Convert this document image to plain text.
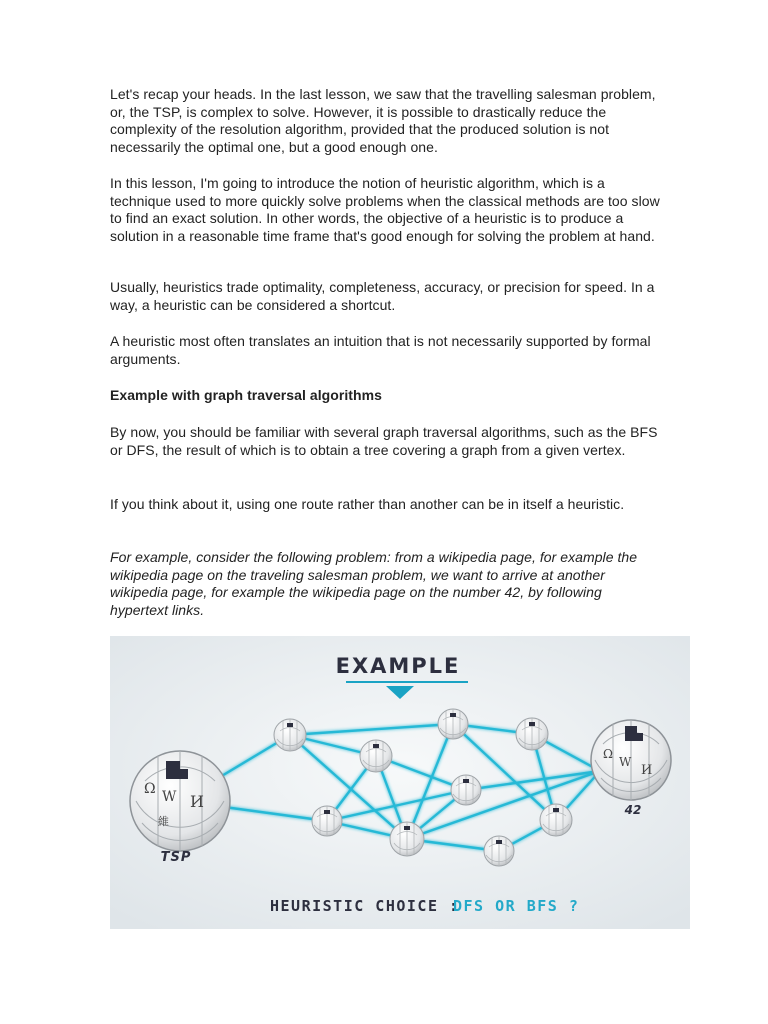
Let's recap your heads. In the last lesson, we saw that the travelling salesman problem, or, the TSP, is complex to solve. However, it is possible to drastically reduce the complexity of the resolution algorithm, provided that the produced solution is not necessarily the optimal one, but a good enough one.

In this lesson, I'm going to introduce the notion of heuristic algorithm, which is a technique used to more quickly solve problems when the classical methods are too slow to find an exact solution. In other words, the objective of a heuristic is to produce a solution in a reasonable time frame that's good enough for solving the problem at hand.

Usually, heuristics trade optimality, completeness, accuracy, or precision for speed. In a way, a heuristic can be considered a shortcut.

A heuristic most often translates an intuition that is not necessarily supported by formal arguments.

Example with graph traversal algorithms

By now, you should be familiar with several graph traversal algorithms, such as the BFS or DFS, the result of which is to obtain a tree covering a graph from a given vertex.

If you think about it, using one route rather than another can be in itself a heuristic.

For example, consider the following problem: from a wikipedia page, for example the wikipedia page on the traveling salesman problem, we want to arrive at another wikipedia page, for example the wikipedia page on the number 42, by following hypertext links.

EXAMPLE
Ω W И
維
TSP
Ω
W
И
42
HEURISTIC CHOICE :
DFS OR BFS ?
